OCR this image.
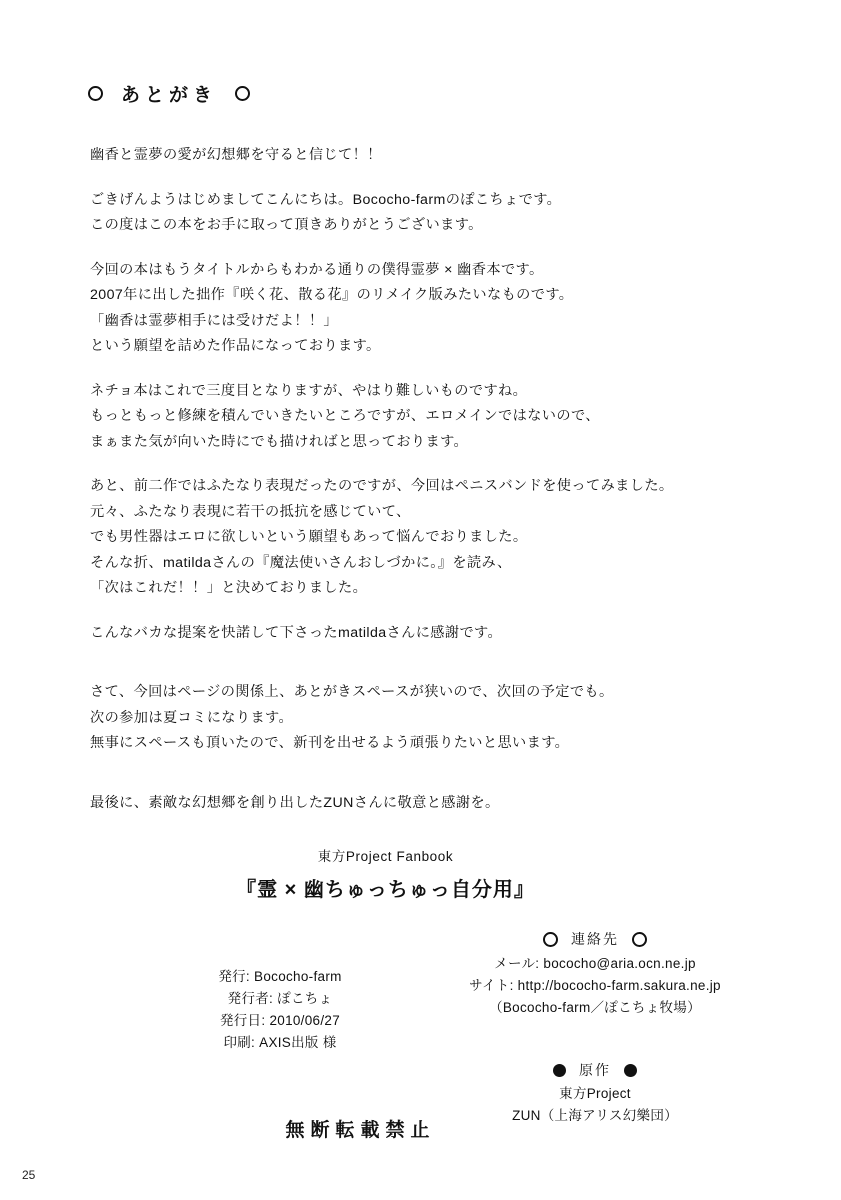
あとがき
幽香と霊夢の愛が幻想郷を守ると信じて！！
ごきげんようはじめましてこんにちは。Bococho-farmのぽこちょです。
この度はこの本をお手に取って頂きありがとうございます。
今回の本はもうタイトルからもわかる通りの僕得霊夢 × 幽香本です。
2007年に出した拙作『咲く花、散る花』のリメイク版みたいなものです。
「幽香は霊夢相手には受けだよ！！」
という願望を詰めた作品になっております。
ネチョ本はこれで三度目となりますが、やはり難しいものですね。
もっともっと修練を積んでいきたいところですが、エロメインではないので、
まぁまた気が向いた時にでも描ければと思っております。
あと、前二作ではふたなり表現だったのですが、今回はペニスバンドを使ってみました。
元々、ふたなり表現に若干の抵抗を感じていて、
でも男性器はエロに欲しいという願望もあって悩んでおりました。
そんな折、matildaさんの『魔法使いさんおしづかに。』を読み、
「次はこれだ！！」と決めておりました。
こんなバカな提案を快諾して下さったmatildaさんに感謝です。
さて、今回はページの関係上、あとがきスペースが狭いので、次回の予定でも。
次の参加は夏コミになります。
無事にスペースも頂いたので、新刊を出せるよう頑張りたいと思います。
最後に、素敵な幻想郷を創り出したZUNさんに敬意と感謝を。
東方Project Fanbook
『霊 × 幽ちゅっちゅっ自分用』
発行: Bococho-farm
発行者: ぽこちょ
発行日: 2010/06/27
印刷: AXIS出版 様
連絡先
メール: bococho@aria.ocn.ne.jp
サイト: http://bococho-farm.sakura.ne.jp
（Bococho-farm／ぽこちょ牧場）
原作
東方Project
ZUN（上海アリス幻樂団）
無断転載禁止
25
